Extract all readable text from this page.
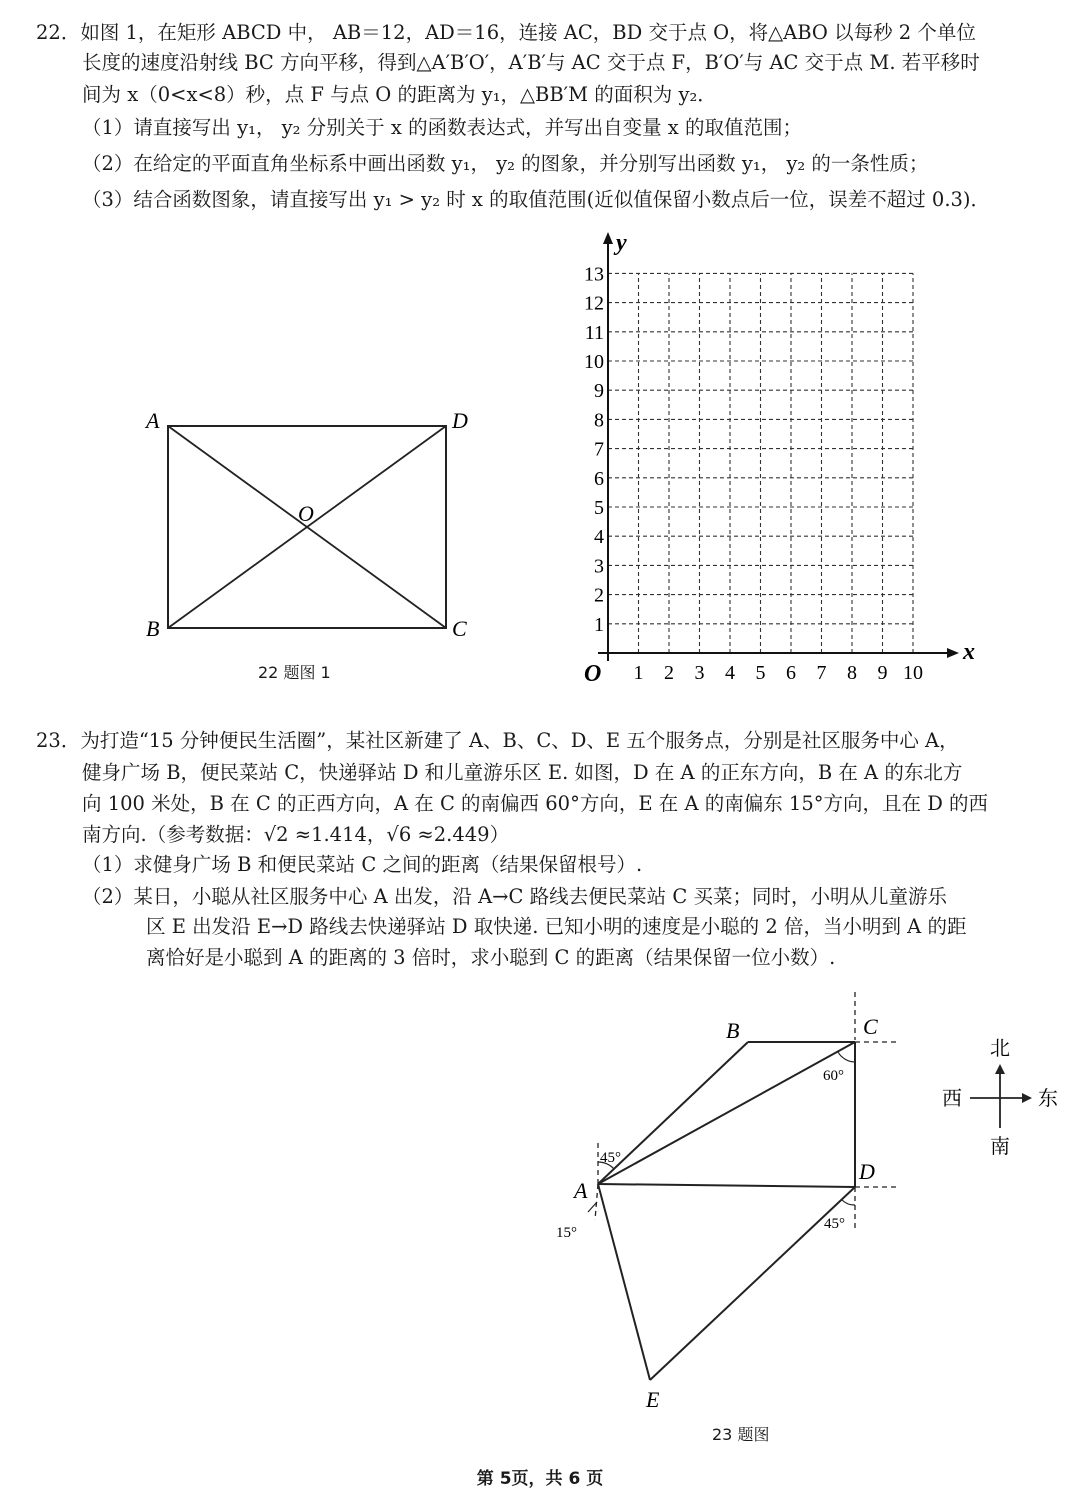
22．如图 1，在矩形 ABCD 中， AB＝12，AD＝16，连接 AC，BD 交于点 O，将△ABO 以每秒 2 个单位
长度的速度沿射线 BC 方向平移，得到△A′B′O′，A′B′与 AC 交于点 F，B′O′与 AC 交于点 M. 若平移时
间为 x（0<x<8）秒，点 F 与点 O 的距离为 y₁，△BB′M 的面积为 y₂．
（1）请直接写出 y₁， y₂ 分别关于 x 的函数表达式，并写出自变量 x 的取值范围；
（2）在给定的平面直角坐标系中画出函数 y₁， y₂ 的图象，并分别写出函数 y₁， y₂ 的一条性质；
（3）结合函数图象，请直接写出 y₁ > y₂ 时 x 的取值范围(近似值保留小数点后一位，误差不超过 0.3)．
A	D
B	C
O
22 题图 1	1 2 3 4 5 6 7 8 9 10
1
2
3
4
5
6
7
8
9
10
11
12
13
O
x
y
23．为打造“15 分钟便民生活圈”，某社区新建了 A、B、C、D、E 五个服务点，分别是社区服务中心 A，
健身广场 B，便民菜站 C，快递驿站 D 和儿童游乐区 E. 如图，D 在 A 的正东方向，B 在 A 的东北方
向 100 米处，B 在 C 的正西方向，A 在 C 的南偏西 60°方向，E 在 A 的南偏东 15°方向，且在 D 的西
南方向.（参考数据：√2 ≈1.414，√6 ≈2.449）
（1）求健身广场 B 和便民菜站 C 之间的距离（结果保留根号）.
（2）某日，小聪从社区服务中心 A 出发，沿 A→C 路线去便民菜站 C 买菜；同时，小明从儿童游乐
区 E 出发沿 E→D 路线去快递驿站 D 取快递. 已知小明的速度是小聪的 2 倍，当小明到 A 的距
离恰好是小聪到 A 的距离的 3 倍时，求小聪到 C 的距离（结果保留一位小数）.
B	C
A
D
E
45°
60°
15°
45°
北
南
西	东
23 题图
第 5页，共 6 页
